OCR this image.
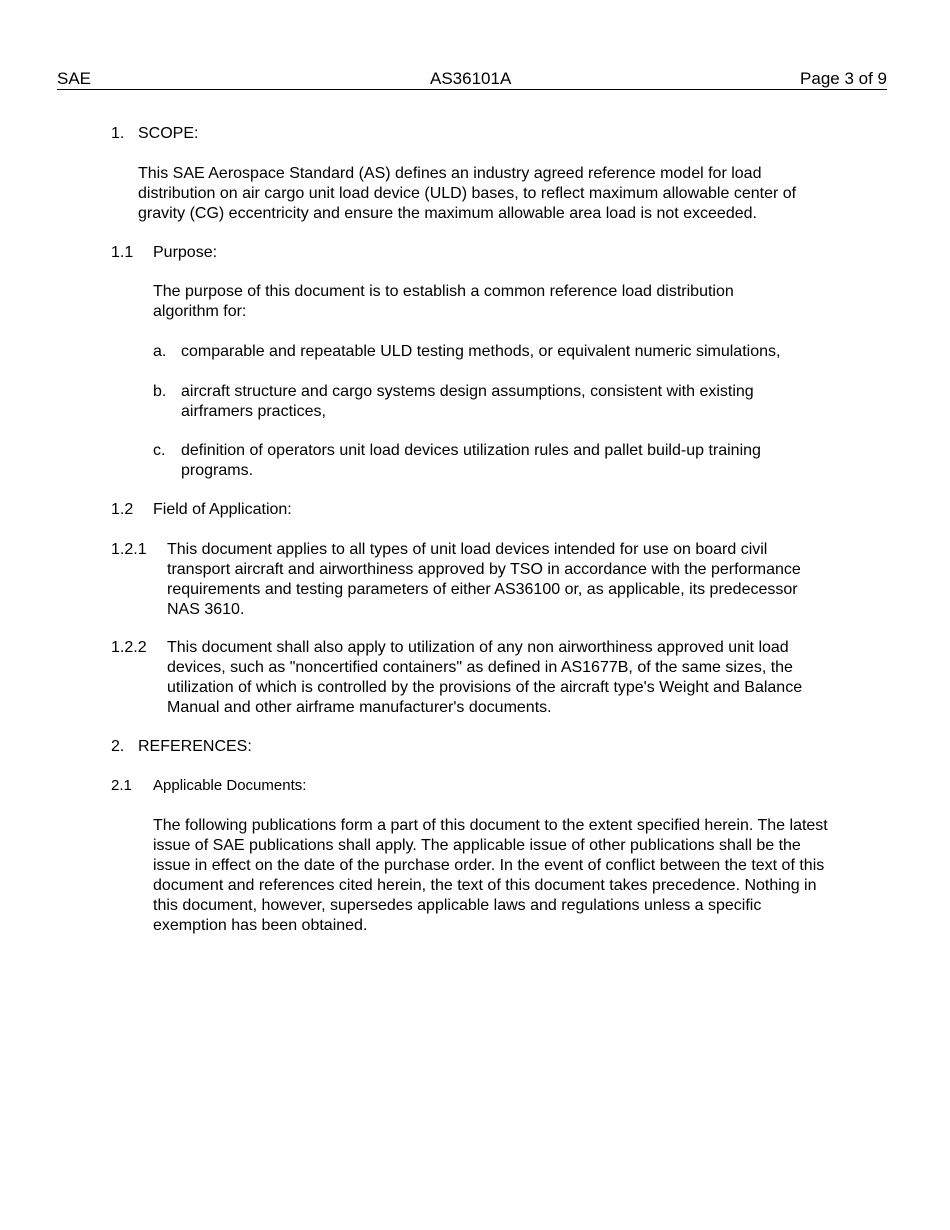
SAE	AS36101A	Page 3 of 9
1. SCOPE:

This SAE Aerospace Standard (AS) defines an industry agreed reference model for load distribution on air cargo unit load device (ULD) bases, to reflect maximum allowable center of gravity (CG) eccentricity and ensure the maximum allowable area load is not exceeded.

1.1 Purpose:

The purpose of this document is to establish a common reference load distribution algorithm for:

a. comparable and repeatable ULD testing methods, or equivalent numeric simulations,

b. aircraft structure and cargo systems design assumptions, consistent with existing airframers practices,

c. definition of operators unit load devices utilization rules and pallet build-up training programs.

1.2 Field of Application:
1.2.1 This document applies to all types of unit load devices intended for use on board civil transport aircraft and airworthiness approved by TSO in accordance with the performance requirements and testing parameters of either AS36100 or, as applicable, its predecessor NAS 3610.

1.2.2 This document shall also apply to utilization of any non airworthiness approved unit load devices, such as "noncertified containers" as defined in AS1677B, of the same sizes, the utilization of which is controlled by the provisions of the aircraft type's Weight and Balance Manual and other airframe manufacturer's documents.

2. REFERENCES:
2.1 Applicable Documents:

The following publications form a part of this document to the extent specified herein. The latest issue of SAE publications shall apply. The applicable issue of other publications shall be the issue in effect on the date of the purchase order. In the event of conflict between the text of this document and references cited herein, the text of this document takes precedence. Nothing in this document, however, supersedes applicable laws and regulations unless a specific exemption has been obtained.
